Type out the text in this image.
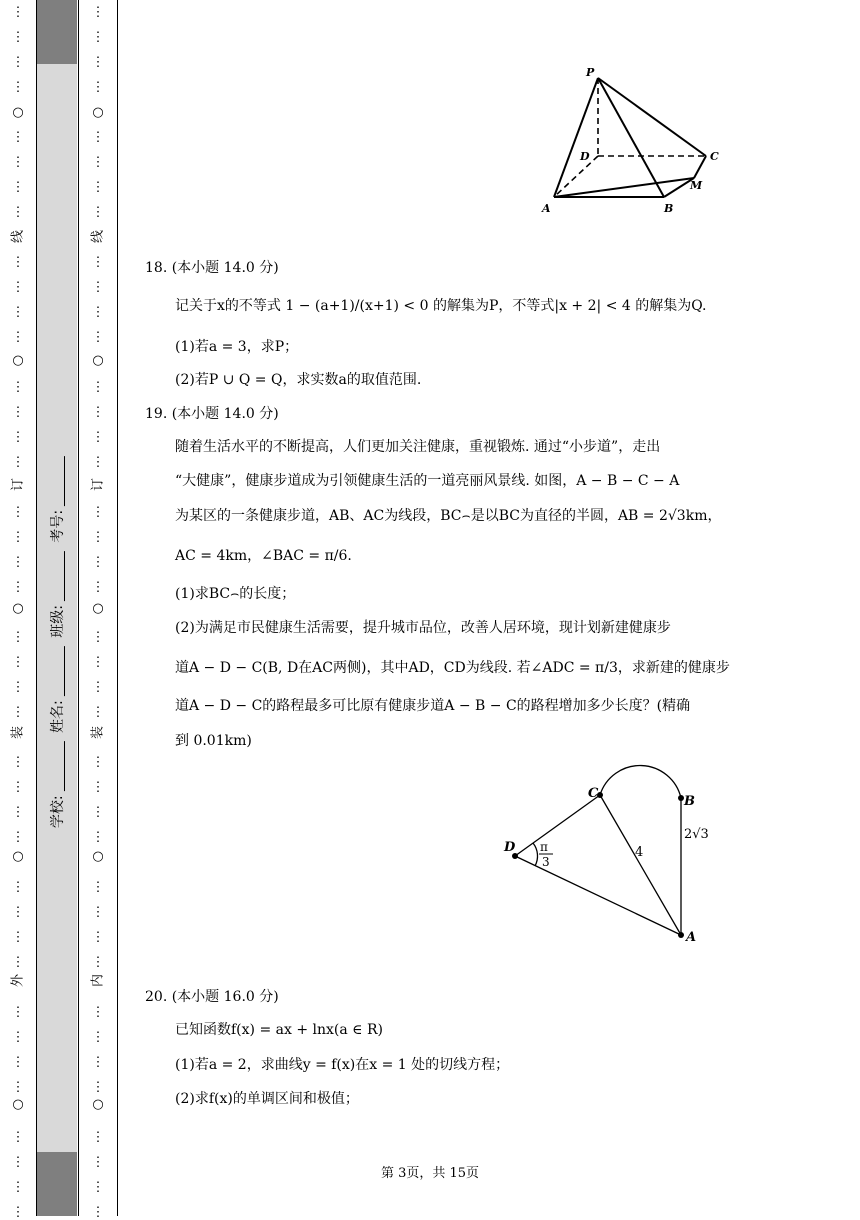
⋮
⋮
⋮
⋮
⋮
⋮
⋮
⋮
⋮
⋮
⋮
⋮
⋮
⋮
⋮
⋮
⋮
⋮
⋮
⋮
⋮
⋮
⋮
⋮
⋮
⋮
⋮
⋮
⋮
⋮
⋮
⋮
⋮
⋮
⋮
⋮
⋮
⋮
⋮
⋮
○
○
○
○
○
线
订
装
外
⋮
⋮
⋮
⋮
⋮
⋮
⋮
⋮
⋮
⋮
⋮
⋮
⋮
⋮
⋮
⋮
⋮
⋮
⋮
⋮
⋮
⋮
⋮
⋮
⋮
⋮
⋮
⋮
⋮
⋮
⋮
⋮
⋮
⋮
⋮
⋮
⋮
⋮
⋮
⋮
○
○
○
○
○
线
订
装
内
学校: 姓名: 班级: 考号:
P
D	C
M
A	B
18. (本小题 14.0 分)
记关于x的不等式 1 − (a+1)/(x+1) < 0 的解集为P，不等式|x + 2| < 4 的解集为Q.
(1)若a = 3，求P；
(2)若P ∪ Q = Q，求实数a的取值范围.
19. (本小题 14.0 分)
随着生活水平的不断提高，人们更加关注健康，重视锻炼. 通过“小步道”，走出
“大健康”，健康步道成为引领健康生活的一道亮丽风景线. 如图，A − B − C − A
为某区的一条健康步道，AB、AC为线段，BC⌢是以BC为直径的半圆，AB = 2√3km，
AC = 4km，∠BAC = π/6.
(1)求BC⌢的长度；
(2)为满足市民健康生活需要，提升城市品位，改善人居环境，现计划新建健康步
道A − D − C(B, D在AC两侧)，其中AD，CD为线段. 若∠ADC = π/3，求新建的健康步
道A − D − C的路程最多可比原有健康步道A − B − C的路程增加多少长度？(精确
到 0.01km)
C
B
D
A
4
2√3
π
3
20. (本小题 16.0 分)
已知函数f(x) = ax + lnx(a ∈ R)
(1)若a = 2，求曲线y = f(x)在x = 1 处的切线方程；
(2)求f(x)的单调区间和极值；
第 3页，共 15页
